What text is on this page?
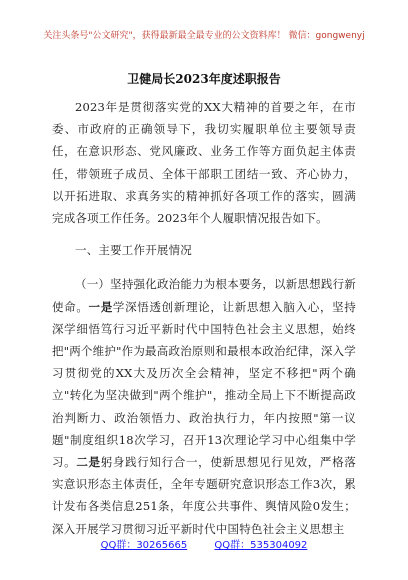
关注头条号"公文研究"，获得最新最全最专业的公文资料库！ 微信：gongwenyj
卫健局长2023年度述职报告

2023年是贯彻落实党的XX大精神的首要之年，在市委、市政府的正确领导下，我切实履职单位主要领导责任，在意识形态、党风廉政、业务工作等方面负起主体责任，带领班子成员、全体干部职工团结一致、齐心协力，以开拓进取、求真务实的精神抓好各项工作的落实，圆满完成各项工作任务。2023年个人履职情况报告如下。

一、主要工作开展情况

（一）坚持强化政治能力为根本要务，以新思想践行新使命。一是学深悟透创新理论，让新思想入脑入心，坚持深学细悟笃行习近平新时代中国特色社会主义思想，始终把"两个维护"作为最高政治原则和最根本政治纪律，深入学习贯彻党的XX大及历次全会精神，坚定不移把"两个确立"转化为坚决做到"两个维护"，推动全局上下不断提高政治判断力、政治领悟力、政治执行力，年内按照"第一议题"制度组织18次学习，召开13次理论学习中心组集中学习。二是躬身践行知行合一，使新思想见行见效，严格落实意识形态主体责任，全年专题研究意识形态工作3次，累计发布各类信息251条，年度公共事件、舆情风险0发生；深入开展学习贯彻习近平新时代中国特色社会主义思想主

QQ群：30265665	QQ群：535304092
